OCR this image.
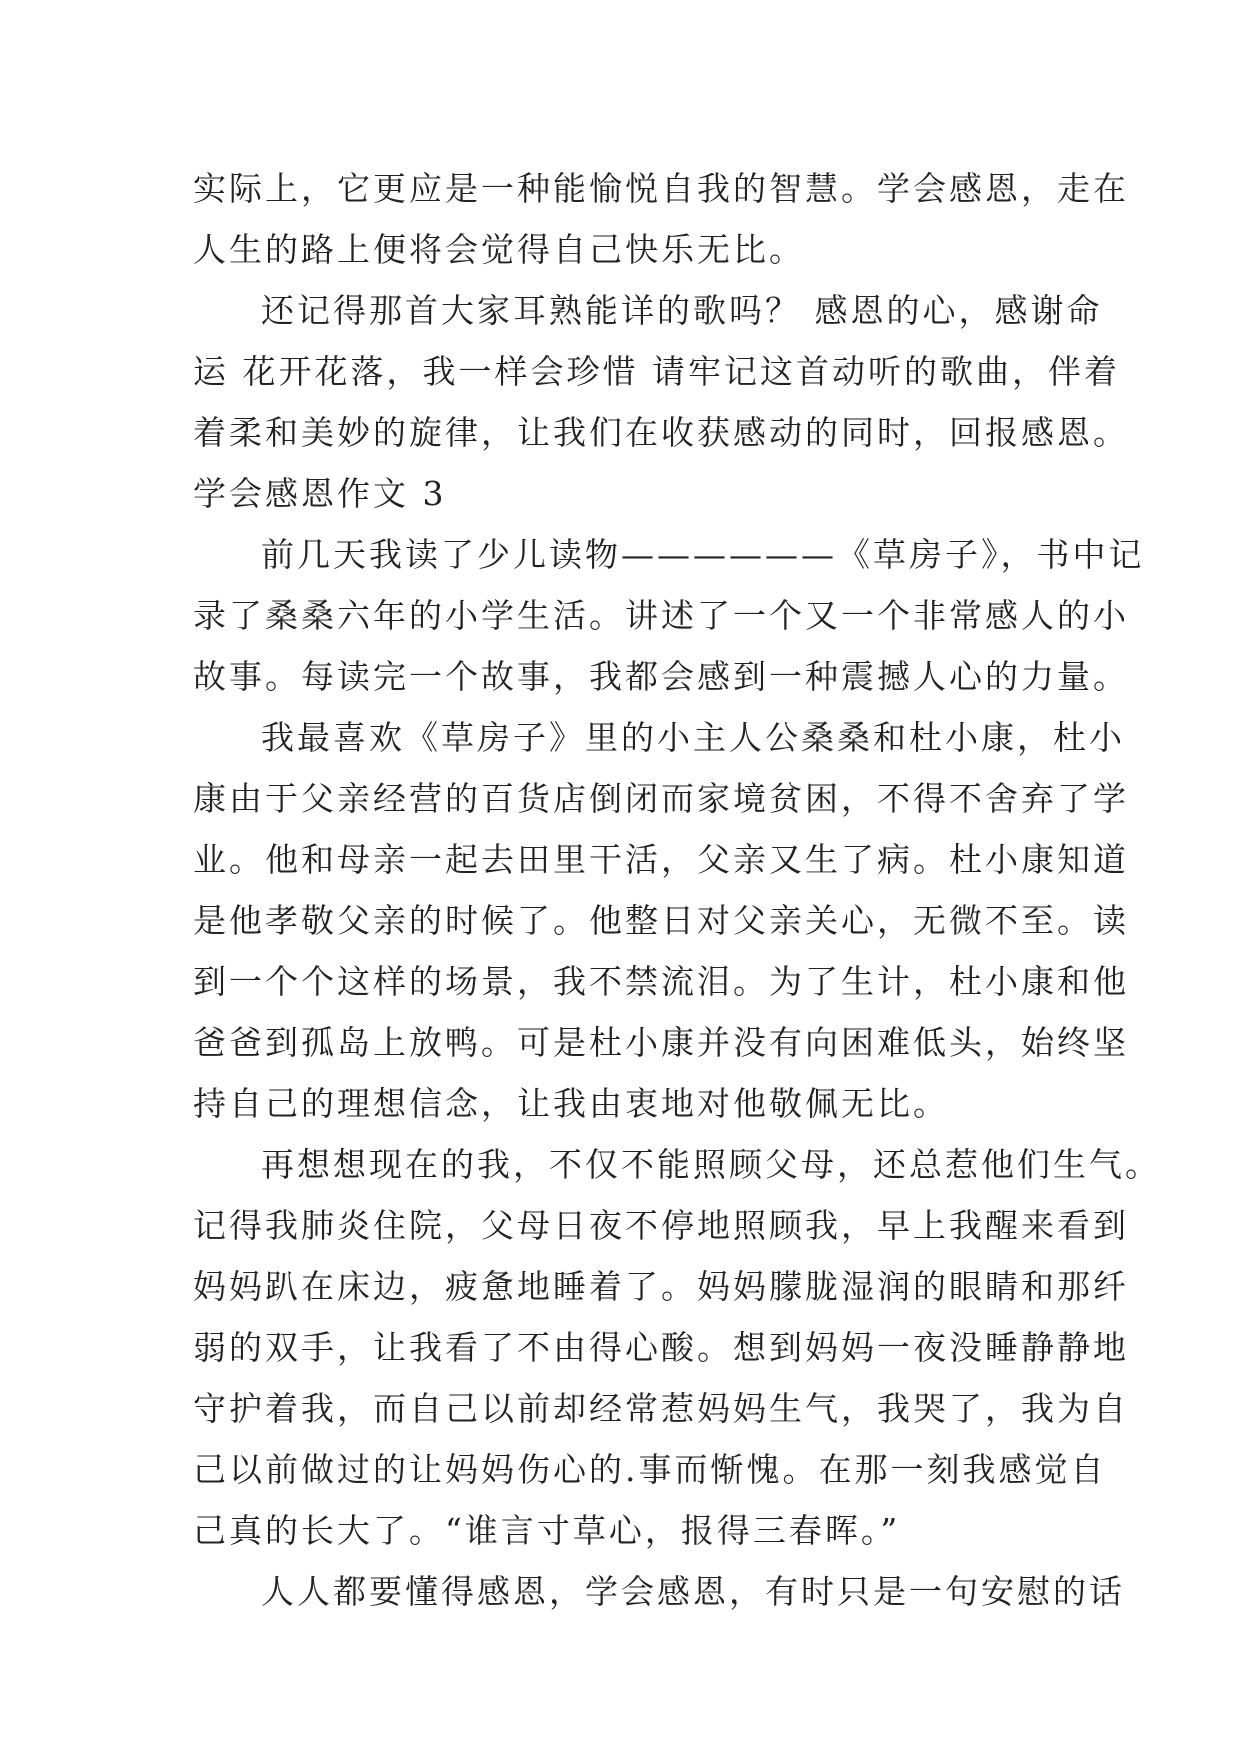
实际上，它更应是一种能愉悦自我的智慧。学会感恩，走在
人生的路上便将会觉得自己快乐无比。
还记得那首大家耳熟能详的歌吗？ 感恩的心，感谢命
运 花开花落，我一样会珍惜 请牢记这首动听的歌曲，伴着
着柔和美妙的旋律，让我们在收获感动的同时，回报感恩。
学会感恩作文 3
前几天我读了少儿读物——————《草房子》，书中记
录了桑桑六年的小学生活。讲述了一个又一个非常感人的小
故事。每读完一个故事，我都会感到一种震撼人心的力量。
我最喜欢《草房子》里的小主人公桑桑和杜小康，杜小
康由于父亲经营的百货店倒闭而家境贫困，不得不舍弃了学
业。他和母亲一起去田里干活，父亲又生了病。杜小康知道
是他孝敬父亲的时候了。他整日对父亲关心，无微不至。读
到一个个这样的场景，我不禁流泪。为了生计，杜小康和他
爸爸到孤岛上放鸭。可是杜小康并没有向困难低头，始终坚
持自己的理想信念，让我由衷地对他敬佩无比。
再想想现在的我，不仅不能照顾父母，还总惹他们生气。
记得我肺炎住院，父母日夜不停地照顾我，早上我醒来看到
妈妈趴在床边，疲惫地睡着了。妈妈朦胧湿润的眼睛和那纤
弱的双手，让我看了不由得心酸。想到妈妈一夜没睡静静地
守护着我，而自己以前却经常惹妈妈生气，我哭了，我为自
己以前做过的让妈妈伤心的.事而惭愧。在那一刻我感觉自
己真的长大了。“谁言寸草心，报得三春晖。”
人人都要懂得感恩，学会感恩，有时只是一句安慰的话
